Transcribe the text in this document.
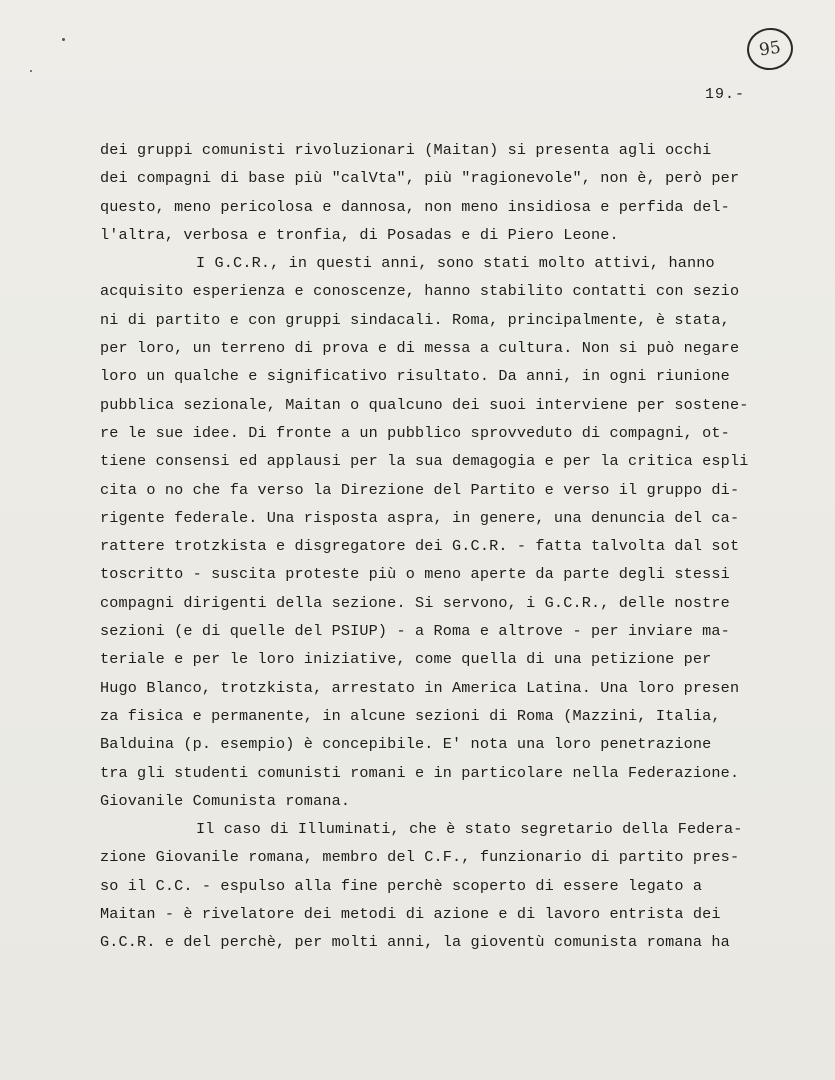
95
19.-
dei gruppi comunisti rivoluzionari (Maitan) si presenta agli occhi
dei compagni di base più "calVta", più "ragionevole", non è, però per
questo, meno pericolosa e dannosa, non meno insidiosa e perfida del-
l'altra, verbosa e tronfia, di Posadas e di Piero Leone.
I G.C.R., in questi anni, sono stati molto attivi, hanno
acquisito esperienza e conoscenze, hanno stabilito contatti con sezio
ni di partito e con gruppi sindacali. Roma, principalmente, è stata,
per loro, un terreno di prova e di messa a cultura. Non si può negare
loro un qualche e significativo risultato. Da anni, in ogni riunione
pubblica sezionale, Maitan o qualcuno dei suoi interviene per sostene-
re le sue idee. Di fronte a un pubblico sprovveduto di compagni, ot-
tiene consensi ed applausi per la sua demagogia e per la critica espli
cita o no che fa verso la Direzione del Partito e verso il gruppo di-
rigente federale. Una risposta aspra, in genere, una denuncia del ca-
rattere trotzkista e disgregatore dei G.C.R. - fatta talvolta dal sot
toscritto - suscita proteste più o meno aperte da parte degli stessi
compagni dirigenti della sezione. Si servono, i G.C.R., delle nostre
sezioni (e di quelle del PSIUP) - a Roma e altrove - per inviare ma-
teriale e per le loro iniziative, come quella di una petizione per
Hugo Blanco, trotzkista, arrestato in America Latina. Una loro presen
za fisica e permanente, in alcune sezioni di Roma (Mazzini, Italia,
Balduina (p. esempio) è concepibile. E' nota una loro penetrazione
tra gli studenti comunisti romani e in particolare nella Federazione.
Giovanile Comunista romana.
Il caso di Illuminati, che è stato segretario della Federa-
zione Giovanile romana, membro del C.F., funzionario di partito pres-
so il C.C. - espulso alla fine perchè scoperto di essere legato a
Maitan - è rivelatore dei metodi di azione e di lavoro entrista dei
G.C.R. e del perchè, per molti anni, la gioventù comunista romana ha
